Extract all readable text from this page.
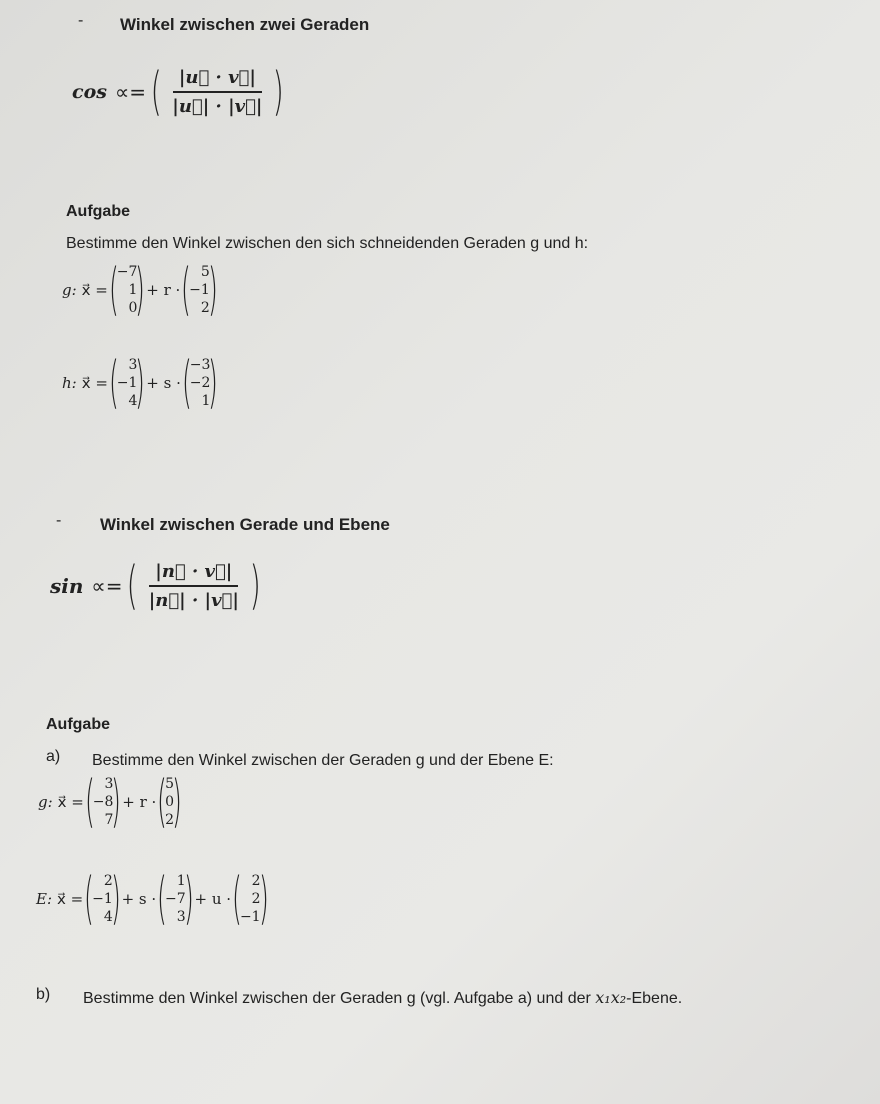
- Winkel zwischen zwei Geraden
cos ∝= ( $\frac{|u⃗ \cdot v⃗|}{|u⃗| \cdot |v⃗|}$ )
Aufgabe
Bestimme den Winkel zwischen den sich schneidenden Geraden g und h:
g: x⃗ = (
−7
1
0
) + r · ( 5
−1
2
)
h: x⃗ = ( 3
−1
4
) + s · (
−3
−2
1
)
- Winkel zwischen Gerade und Ebene
sin ∝= ( $\frac{|n⃗ \cdot v⃗|}{|n⃗| \cdot |v⃗|}$ )
Aufgabe
a) Bestimme den Winkel zwischen der Geraden g und der Ebene E:
g: x⃗ = ( 3
−8
7
) + r · (
5
0
2
)
E: x⃗ = ( 2
−1
4
) + s · ( 1
−7
3
) + u · ( 2
2
−1
)
b) Bestimme den Winkel zwischen der Geraden g (vgl. Aufgabe a) und der x₁x₂-Ebene.
